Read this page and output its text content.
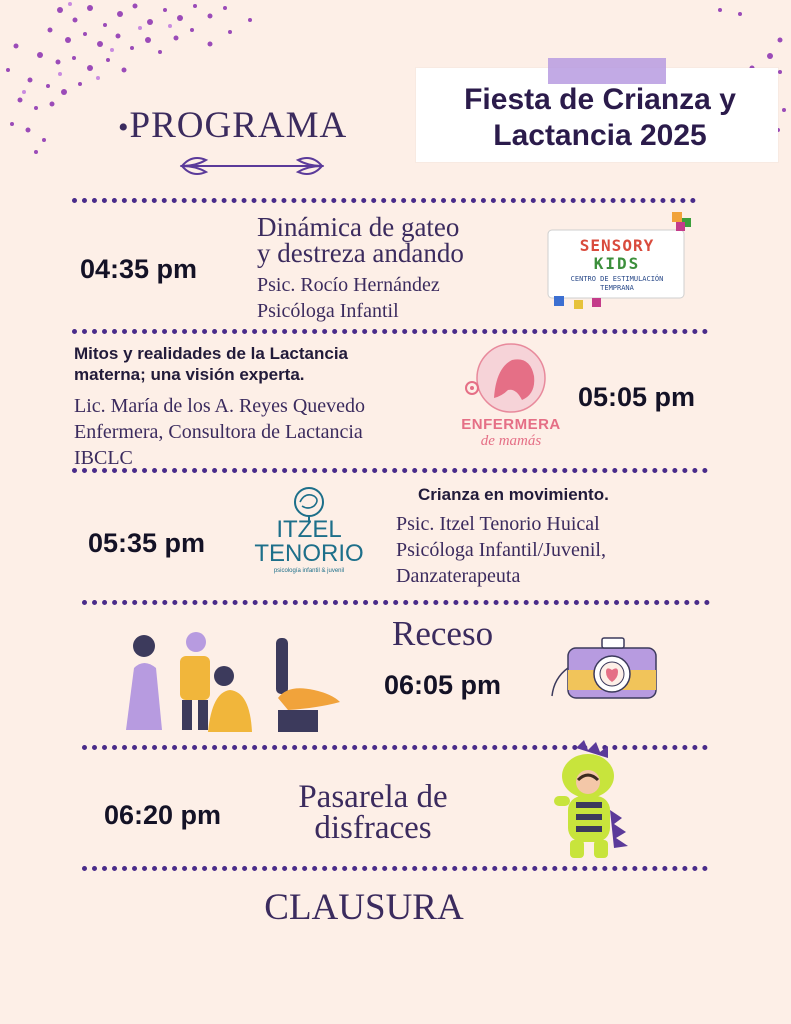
•PROGRAMA
Fiesta de Crianza y
Lactancia 2025
04:35 pm
Dinámica de gateo
y destreza andando
Psic. Rocío Hernández
Psicóloga Infantil
SENSORY
KIDS
CENTRO DE ESTIMULACIÓN
TEMPRANA
Mitos y realidades de la Lactancia
materna; una visión experta.
Lic. María de los A. Reyes Quevedo
Enfermera, Consultora de Lactancia
IBCLC
ENFERMERA
de mamás
05:05 pm
05:35 pm	ITZEL
TENORIO
psicología infantil & juvenil
Crianza en movimiento.
Psic. Itzel Tenorio Huical
Psicóloga Infantil/Juvenil,
Danzaterapeuta
Receso
06:05 pm
06:20 pm	Pasarela de
disfraces
CLAUSURA
